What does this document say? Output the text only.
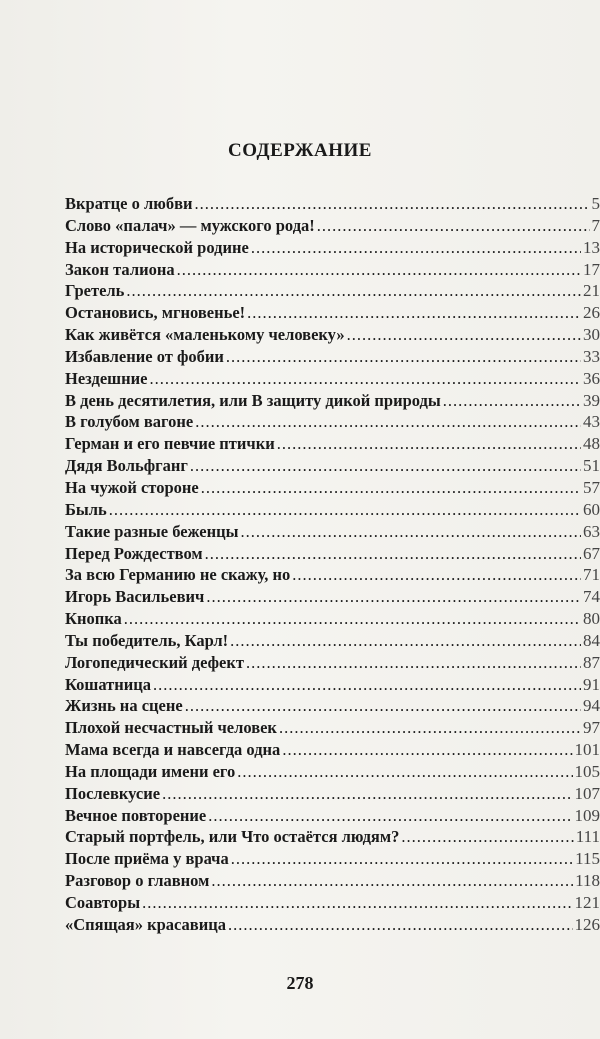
СОДЕРЖАНИЕ
Вкратце о любви .....	5
Слово «палач» — мужского рода! .....	7
На исторической родине .....	13
Закон талиона .....	17
Гретель .....	21
Остановись, мгновенье! .....	26
Как живётся «маленькому человеку» .....	30
Избавление от фобии .....	33
Нездешние .....	36
В день десятилетия, или В защиту дикой природы .....	39
В голубом вагоне .....	43
Герман и его певчие птички .....	48
Дядя Вольфганг .....	51
На чужой стороне .....	57
Быль .....	60
Такие разные беженцы .....	63
Перед Рождеством .....	67
За всю Германию не скажу, но .....	71
Игорь Васильевич .....	74
Кнопка .....	80
Ты победитель, Карл! .....	84
Логопедический дефект .....	87
Кошатница .....	91
Жизнь на сцене .....	94
Плохой несчастный человек .....	97
Мама всегда и навсегда одна .....	101
На площади имени его .....	105
Послевкусие .....	107
Вечное повторение .....	109
Старый портфель, или Что остаётся людям? .....	111
После приёма у врача .....	115
Разговор о главном .....	118
Соавторы .....	121
«Спящая» красавица .....	126
278
